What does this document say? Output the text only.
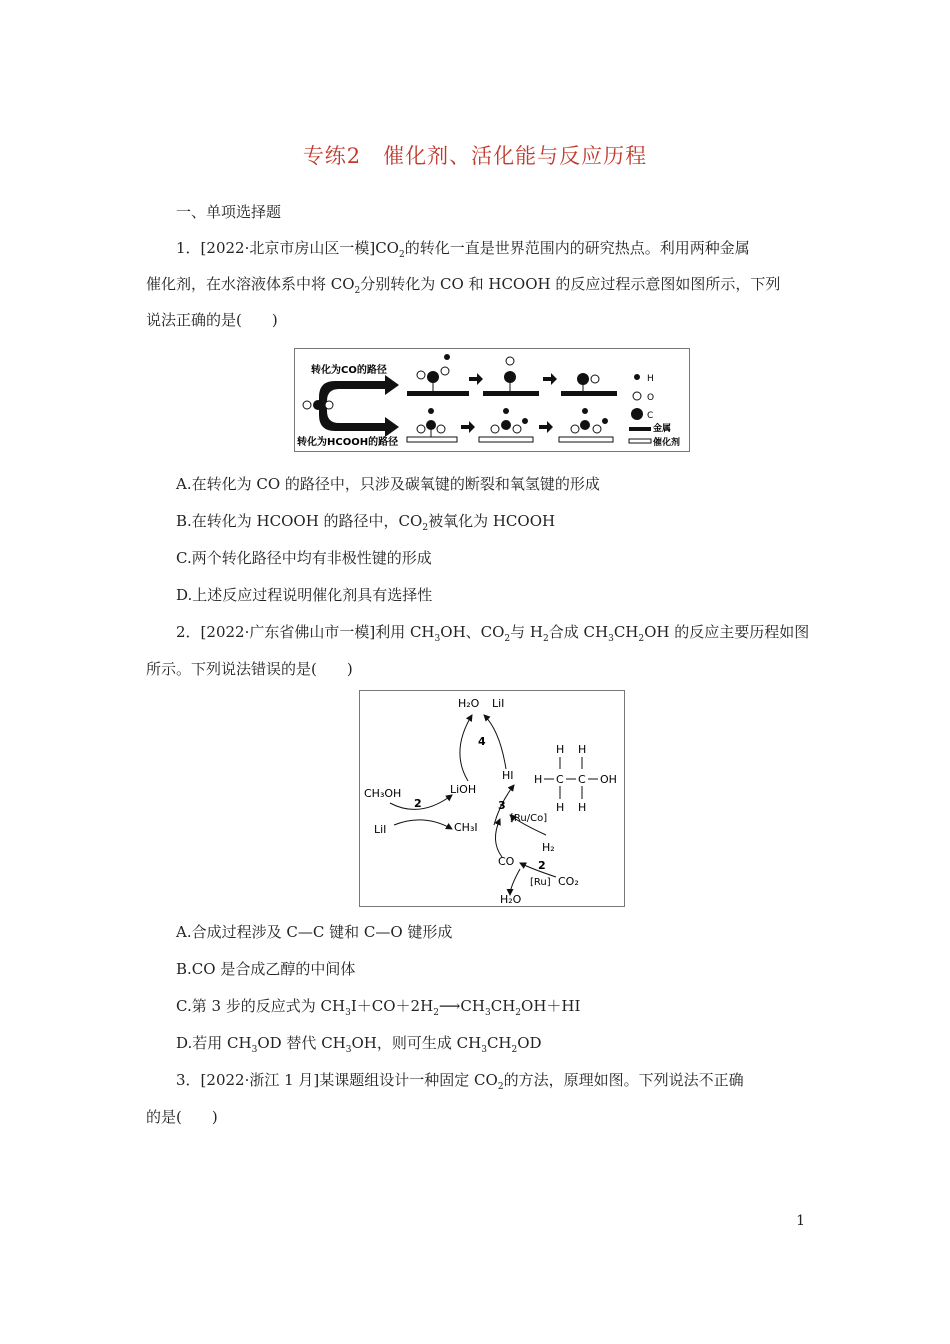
专练2　催化剂、活化能与反应历程
一、单项选择题
1．[2022·北京市房山区一模]$CO_2$的转化一直是世界范围内的研究热点。利用两种金属
催化剂，在水溶液体系中将 $CO_2$分别转化为 CO 和 HCOOH 的反应过程示意图如图所示，下列
说法正确的是(　　)
转化为CO的路径
转化为HCOOH的路径
H
O
C
金属
催化剂
A.在转化为 CO 的路径中，只涉及碳氧键的断裂和氧氢键的形成
B.在转化为 HCOOH 的路径中，$CO_2$被氧化为 HCOOH
C.两个转化路径中均有非极性键的形成
D.上述反应过程说明催化剂具有选择性
2．[2022·广东省佛山市一模]利用 $CH_3OH$、$CO_2$与 $H_2$合成 $CH_3CH_2OH$ 的反应主要历程如图
所示。下列说法错误的是(　　)
H₂O LiI
4
LiOH
HI
CH₃OH
2
LiI	CH₃I
3
[Ru/Co]
H₂
CO 2
[Ru] CO₂
H₂O
H H
H C C OH
H H
A.合成过程涉及 C—C 键和 C—O 键形成
B.CO 是合成乙醇的中间体
C.第 3 步的反应式为 $CH_3I+CO+2H_2⟶CH_3CH_2OH+HI$
D.若用 $CH_3OD$ 替代 $CH_3OH$，则可生成 $CH_3CH_2OD$
3．[2022·浙江 1 月]某课题组设计一种固定 $CO_2$的方法，原理如图。下列说法不正确
的是(　　)
1
